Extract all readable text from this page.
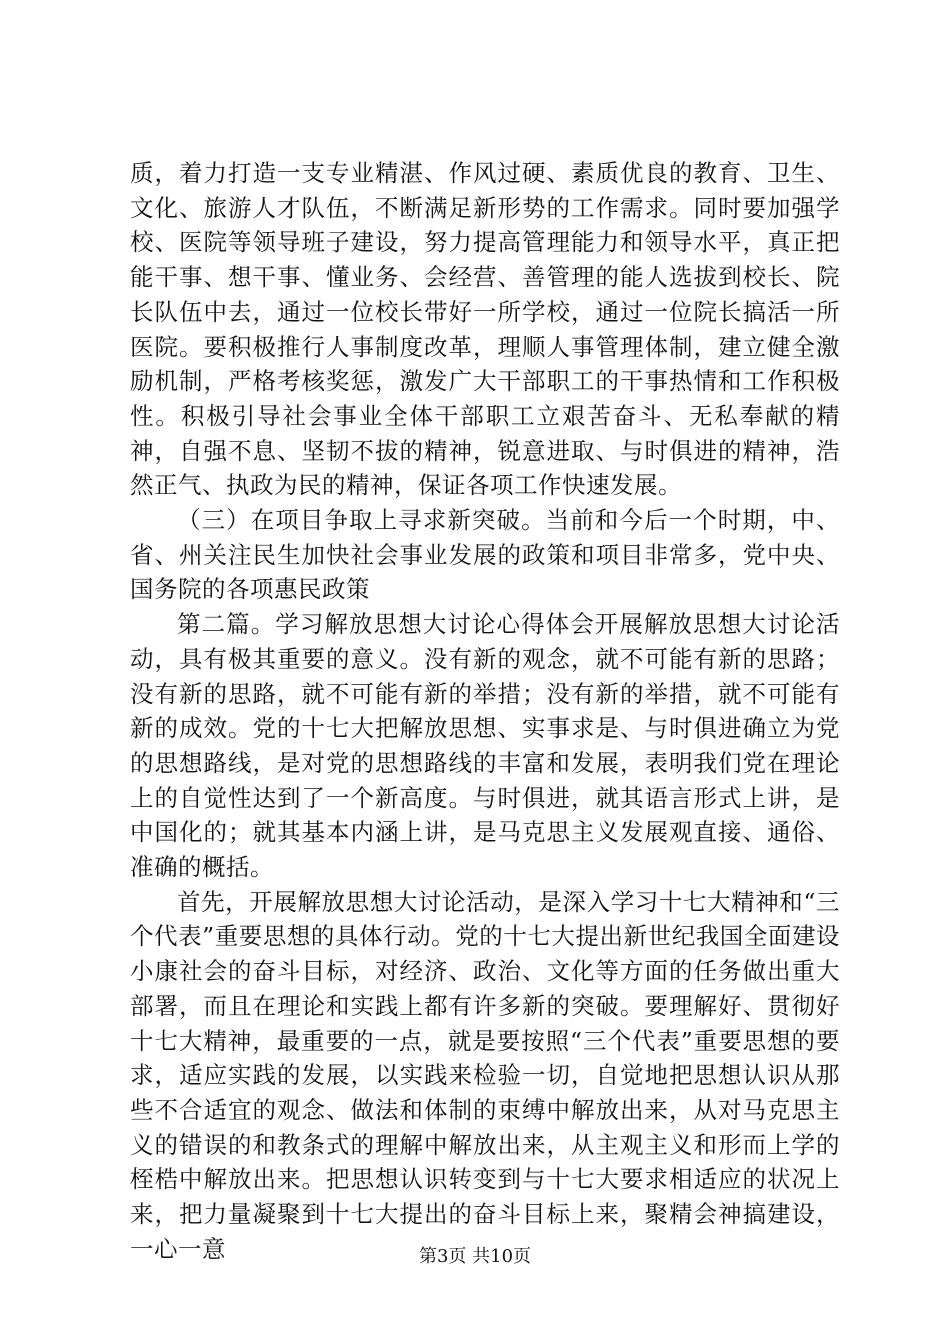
质，着力打造一支专业精湛、作风过硬、素质优良的教育、卫生、文化、旅游人才队伍，不断满足新形势的工作需求。同时要加强学校、医院等领导班子建设，努力提高管理能力和领导水平，真正把能干事、想干事、懂业务、会经营、善管理的能人选拔到校长、院长队伍中去，通过一位校长带好一所学校，通过一位院长搞活一所医院。要积极推行人事制度改革，理顺人事管理体制，建立健全激励机制，严格考核奖惩，激发广大干部职工的干事热情和工作积极性。积极引导社会事业全体干部职工立艰苦奋斗、无私奉献的精神，自强不息、坚韧不拔的精神，锐意进取、与时俱进的精神，浩然正气、执政为民的精神，保证各项工作快速发展。

（三）在项目争取上寻求新突破。当前和今后一个时期，中、省、州关注民生加快社会事业发展的政策和项目非常多，党中央、国务院的各项惠民政策

第二篇。学习解放思想大讨论心得体会开展解放思想大讨论活动，具有极其重要的意义。没有新的观念，就不可能有新的思路；没有新的思路，就不可能有新的举措；没有新的举措，就不可能有新的成效。党的十七大把解放思想、实事求是、与时俱进确立为党的思想路线，是对党的思想路线的丰富和发展，表明我们党在理论上的自觉性达到了一个新高度。与时俱进，就其语言形式上讲，是中国化的；就其基本内涵上讲，是马克思主义发展观直接、通俗、准确的概括。

首先，开展解放思想大讨论活动，是深入学习十七大精神和“三个代表”重要思想的具体行动。党的十七大提出新世纪我国全面建设小康社会的奋斗目标，对经济、政治、文化等方面的任务做出重大部署，而且在理论和实践上都有许多新的突破。要理解好、贯彻好十七大精神，最重要的一点，就是要按照“三个代表”重要思想的要求，适应实践的发展，以实践来检验一切，自觉地把思想认识从那些不合适宜的观念、做法和体制的束缚中解放出来，从对马克思主义的错误的和教条式的理解中解放出来，从主观主义和形而上学的桎梏中解放出来。把思想认识转变到与十七大要求相适应的状况上来，把力量凝聚到十七大提出的奋斗目标上来，聚精会神搞建设，一心一意	第3页 共10页
